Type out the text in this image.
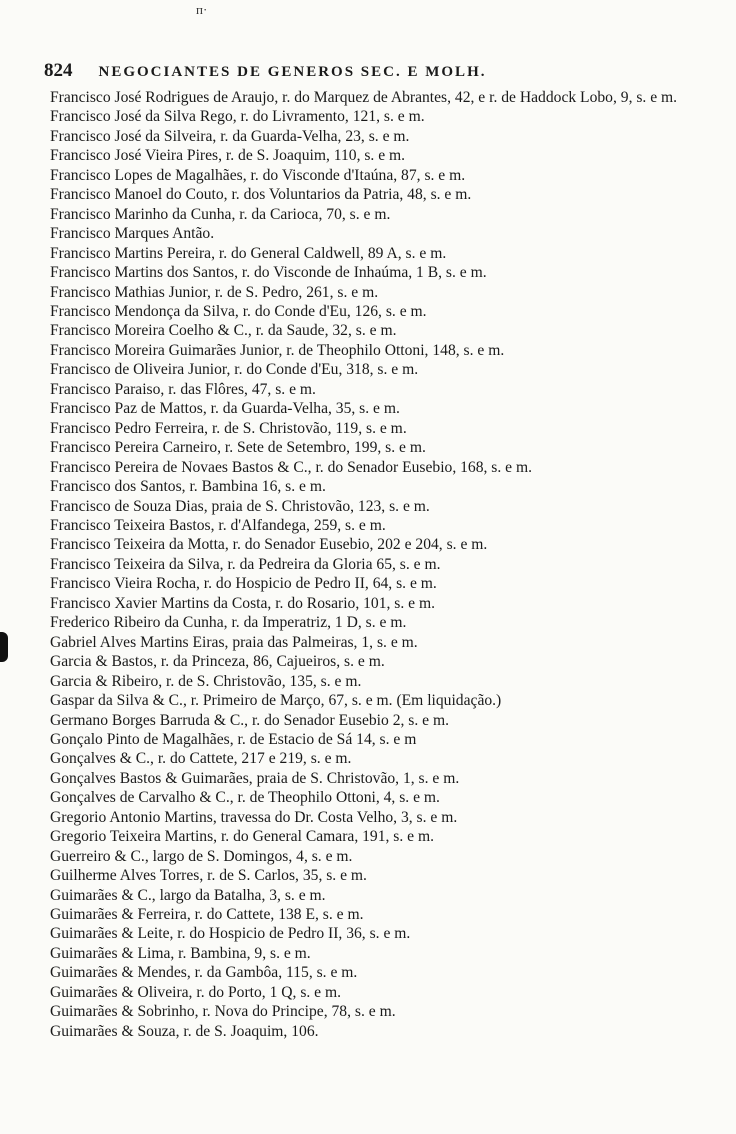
ᴨ·
824 NEGOCIANTES DE GENEROS SEC. E MOLH.
Francisco José Rodrigues de Araujo, r. do Marquez de Abrantes, 42, e r. de Haddock Lobo, 9, s. e m.
Francisco José da Silva Rego, r. do Livramento, 121, s. e m.
Francisco José da Silveira, r. da Guarda-Velha, 23, s. e m.
Francisco José Vieira Pires, r. de S. Joaquim, 110, s. e m.
Francisco Lopes de Magalhães, r. do Visconde d'Itaúna, 87, s. e m.
Francisco Manoel do Couto, r. dos Voluntarios da Patria, 48, s. e m.
Francisco Marinho da Cunha, r. da Carioca, 70, s. e m.
Francisco Marques Antão.
Francisco Martins Pereira, r. do General Caldwell, 89 A, s. e m.
Francisco Martins dos Santos, r. do Visconde de Inhaúma, 1 B, s. e m.
Francisco Mathias Junior, r. de S. Pedro, 261, s. e m.
Francisco Mendonça da Silva, r. do Conde d'Eu, 126, s. e m.
Francisco Moreira Coelho & C., r. da Saude, 32, s. e m.
Francisco Moreira Guimarães Junior, r. de Theophilo Ottoni, 148, s. e m.
Francisco de Oliveira Junior, r. do Conde d'Eu, 318, s. e m.
Francisco Paraiso, r. das Flôres, 47, s. e m.
Francisco Paz de Mattos, r. da Guarda-Velha, 35, s. e m.
Francisco Pedro Ferreira, r. de S. Christovão, 119, s. e m.
Francisco Pereira Carneiro, r. Sete de Setembro, 199, s. e m.
Francisco Pereira de Novaes Bastos & C., r. do Senador Eusebio, 168, s. e m.
Francisco dos Santos, r. Bambina 16, s. e m.
Francisco de Souza Dias, praia de S. Christovão, 123, s. e m.
Francisco Teixeira Bastos, r. d'Alfandega, 259, s. e m.
Francisco Teixeira da Motta, r. do Senador Eusebio, 202 e 204, s. e m.
Francisco Teixeira da Silva, r. da Pedreira da Gloria 65, s. e m.
Francisco Vieira Rocha, r. do Hospicio de Pedro II, 64, s. e m.
Francisco Xavier Martins da Costa, r. do Rosario, 101, s. e m.
Frederico Ribeiro da Cunha, r. da Imperatriz, 1 D, s. e m.
Gabriel Alves Martins Eiras, praia das Palmeiras, 1, s. e m.
Garcia & Bastos, r. da Princeza, 86, Cajueiros, s. e m.
Garcia & Ribeiro, r. de S. Christovão, 135, s. e m.
Gaspar da Silva & C., r. Primeiro de Março, 67, s. e m. (Em liquidação.)
Germano Borges Barruda & C., r. do Senador Eusebio 2, s. e m.
Gonçalo Pinto de Magalhães, r. de Estacio de Sá 14, s. e m
Gonçalves & C., r. do Cattete, 217 e 219, s. e m.
Gonçalves Bastos & Guimarães, praia de S. Christovão, 1, s. e m.
Gonçalves de Carvalho & C., r. de Theophilo Ottoni, 4, s. e m.
Gregorio Antonio Martins, travessa do Dr. Costa Velho, 3, s. e m.
Gregorio Teixeira Martins, r. do General Camara, 191, s. e m.
Guerreiro & C., largo de S. Domingos, 4, s. e m.
Guilherme Alves Torres, r. de S. Carlos, 35, s. e m.
Guimarães & C., largo da Batalha, 3, s. e m.
Guimarães & Ferreira, r. do Cattete, 138 E, s. e m.
Guimarães & Leite, r. do Hospicio de Pedro II, 36, s. e m.
Guimarães & Lima, r. Bambina, 9, s. e m.
Guimarães & Mendes, r. da Gambôa, 115, s. e m.
Guimarães & Oliveira, r. do Porto, 1 Q, s. e m.
Guimarães & Sobrinho, r. Nova do Principe, 78, s. e m.
Guimarães & Souza, r. de S. Joaquim, 106.
